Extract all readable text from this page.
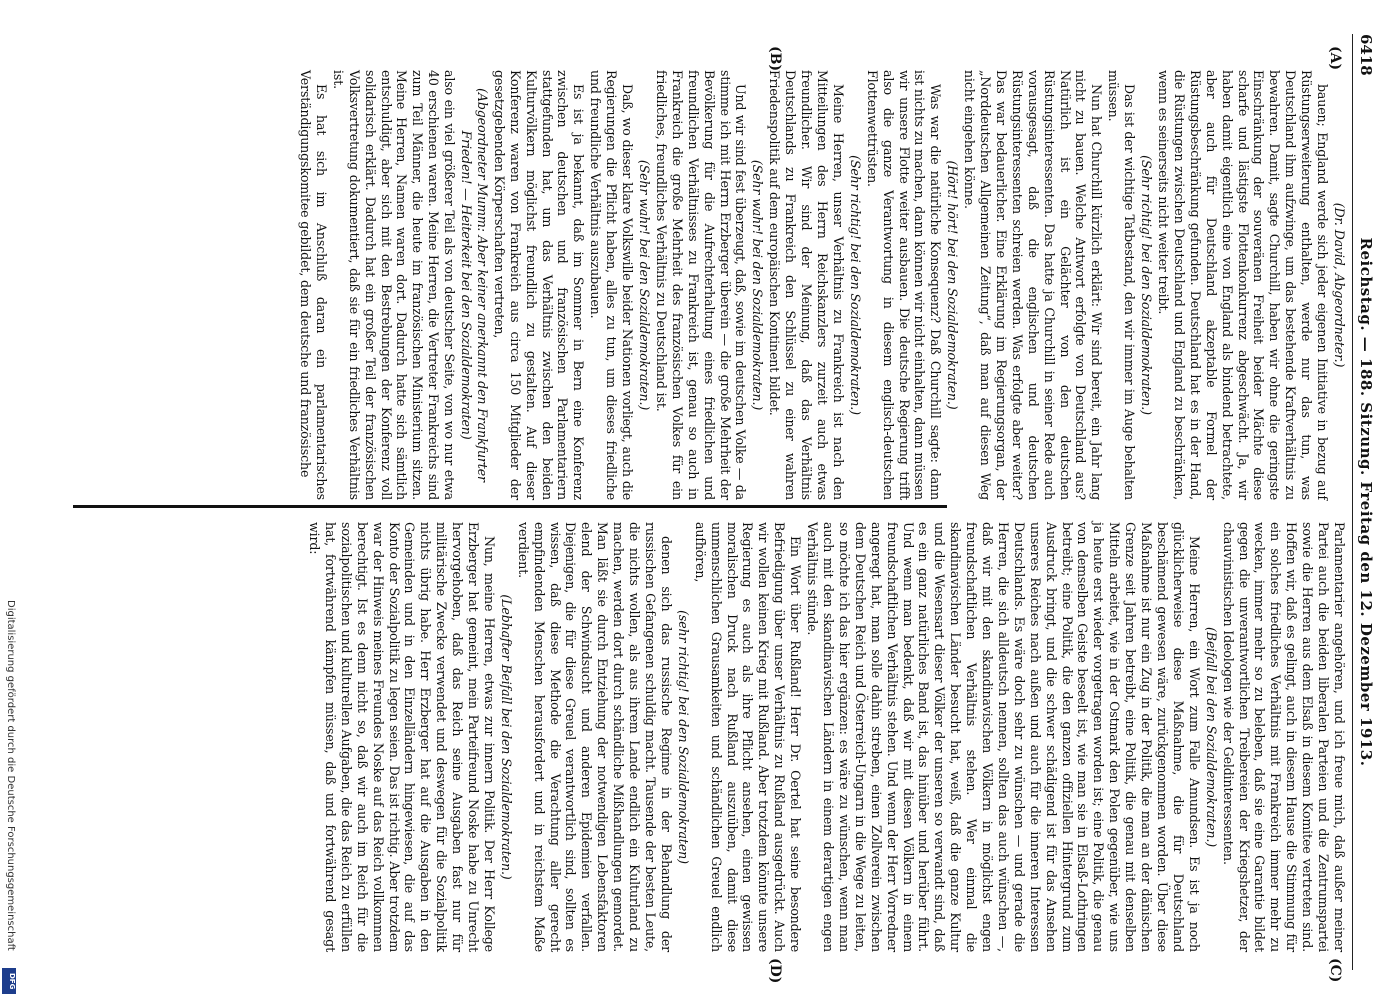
6418
Reichstag. — 188. Sitzung. Freitag den 12. Dezember 1913.
(A)
(B)
(C)
(D)

(Dr. David, Abgeordneter.)

bauen; England werde sich jeder eigenen Initiative in bezug auf Rüstungserweiterung enthalten, werde nur das tun, was Deutschland ihm aufzwinge, um das bestehende Kraftverhältnis zu bewahren. Damit, sagte Churchill, haben wir ohne die geringste Einschränkung der souveränen Freiheit beider Mächte diese scharfe und lästigste Flottenkonkurrenz abgeschwächt. Ja, wir haben damit eigentlich eine von England als bindend betrachtete, aber auch für Deutschland akzeptable Formel der Rüstungsbeschränkung gefunden. Deutschland hat es in der Hand, die Rüstungen zwischen Deutschland und England zu beschränken, wenn es seinerseits nicht weiter treibt.

(Sehr richtig! bei den Sozialdemokraten.)

Das ist der wichtige Tatbestand, den wir immer im Auge behalten müssen.

Nun hat Churchill kürzlich erklärt: Wir sind bereit, ein Jahr lang nicht zu bauen. Welche Antwort erfolgte von Deutschland aus? Natürlich ist ein Gelächter von den deutschen Rüstungsinteressenten. Das hatte ja Churchill in seiner Rede auch vorausgesagt, daß die englischen und deutschen Rüstungsinteressenten schreien werden. Was erfolgte aber weiter? Das war bedauerlicher. Eine Erklärung im Regierungsorgan, der „Norddeutschen Allgemeinen Zeitung“, daß man auf diesen Weg nicht eingehen könne.

(Hört! hört! bei den Sozialdemokraten.)

Was war die natürliche Konsequenz? Daß Churchill sagte: dann ist nichts zu machen, dann können wir nicht einhalten, dann müssen wir unsere Flotte weiter ausbauen. Die deutsche Regierung trifft also die ganze Verantwortung in diesem englisch-deutschen Flottenwettrüsten.

(Sehr richtig! bei den Sozialdemokraten.)

Meine Herren, unser Verhältnis zu Frankreich ist nach den Mitteilungen des Herrn Reichskanzlers zurzeit auch etwas freundlicher. Wir sind der Meinung, daß das Verhältnis Deutschlands zu Frankreich den Schlüssel zu einer wahren Friedenspolitik auf dem europäischen Kontinent bildet.

(Sehr wahr! bei den Sozialdemokraten.)

Und wir sind fest überzeugt, daß, sowie im deutschen Volke — da stimme ich mit Herrn Erzberger überein — die große Mehrheit der Bevölkerung für die Aufrechterhaltung eines friedlichen und freundlichen Verhältnisses zu Frankreich ist, genau so auch in Frankreich die große Mehrheit des französischen Volkes für ein friedliches, freundliches Verhältnis zu Deutschland ist.

(Sehr wahr! bei den Sozialdemokraten.)

Daß, wo dieser klare Volkswille beider Nationen vorliegt, auch die Regierungen die Pflicht haben, alles zu tun, um dieses friedliche und freundliche Verhältnis auszubauen.

Es ist ja bekannt, daß im Sommer in Bern eine Konferenz zwischen deutschen und französischen Parlamentariern stattgefunden hat, um das Verhältnis zwischen den beiden Kulturvölkern möglichst freundlich zu gestalten. Auf dieser Konferenz waren von Frankreich aus circa 150 Mitglieder der gesetzgebenden Körperschaften vertreten,

(Abgeordneter Mumm: Aber keiner anerkannt den Frankfurter Frieden! — Heiterkeit bei den Sozialdemokraten)

also ein viel größerer Teil als von deutscher Seite, von wo nur etwa 40 erschienen waren. Meine Herren, die Vertreter Frankreichs sind zum Teil Männer, die heute im französischen Ministerium sitzen. Meine Herren, Namen waren dort. Dadurch hatte sich sämtlich entschuldigt, aber sich mit den Bestrebungen der Konferenz voll solidarisch erklärt. Dadurch hat ein großer Teil der französischen Volksvertretung dokumentiert, daß sie für ein friedliches Verhältnis ist.

Es hat sich im Anschluß daran ein parlamentarisches Verständigungskomitee gebildet, dem deutsche und französische

Parlamentarier angehören, und ich freue mich, daß außer meiner Partei auch die beiden liberalen Parteien und die Zentrumspartei sowie die Herren aus dem Elsaß in diesem Komitee vertreten sind. Hoffen wir, daß es gelingt, auch in diesem Hause die Stimmung für ein solches friedliches Verhältnis mit Frankreich immer mehr zu wecken, immer mehr so zu beleben, daß sie eine Garantie bildet gegen die unverantwortlichen Treibereien der Kriegshetzer, der chauvinistischen Ideologen wie der Geldinteressenten.

(Beifall bei den Sozialdemokraten.)

Meine Herren, ein Wort zum Falle Amundsen. Es ist ja noch glücklicherweise diese Maßnahme, die für Deutschland beschämend gewesen wäre, zurückgenommen worden. Über diese Maßnahme ist nur ein Zug in der Politik, die man an der dänischen Grenze seit Jahren betreibt, eine Politik, die genau mit denselben Mitteln arbeitet, wie in der Ostmark den Polen gegenüber, wie uns ja heute erst wieder vorgetragen worden ist; eine Politik, die genau von demselben Geiste beseelt ist, wie man sie in Elsaß-Lothringen betreibt; eine Politik, die den ganzen offiziellen Hintergrund zum Ausdruck bringt, und die schwer schädigend ist für das Ansehen unseres Reiches nach außen und auch für die inneren Interessen Deutschlands. Es wäre doch sehr zu wünschen — und gerade die Herren, die sich alldeutsch nennen, sollten das auch wünschen —, daß wir mit den skandinavischen Völkern in möglichst engen freundschaftlichen Verhältnis stehen. Wer einmal die skandinavischen Länder besucht hat, weiß, daß die ganze Kultur und die Wesensart dieser Völker der unseren so verwandt sind, daß es ein ganz natürliches Band ist, das hinüber und herüber führt. Und wenn man bedenkt, daß wir mit diesen Völkern in einem freundschaftlichen Verhältnis stehen. Und wenn der Herr Vorredner angeregt hat, man solle dahin streben, einen Zollverein zwischen dem Deutschen Reich und Österreich-Ungarn in die Wege zu leiten, so möchte ich das hier ergänzen: es wäre zu wünschen, wenn man auch mit den skandinavischen Ländern in einem derartigen engen Verhältnis stünde.

Ein Wort über Rußland! Herr Dr. Oertel hat seine besondere Befriedigung über unser Verhältnis zu Rußland ausgedrückt. Auch wir wollen keinen Krieg mit Rußland. Aber trotzdem könnte unsere Regierung es auch als ihre Pflicht ansehen, einen gewissen moralischen Druck nach Rußland auszuüben, damit diese unmenschlichen Grausamkeiten und schändlichen Greuel endlich aufhören,

(sehr richtig! bei den Sozialdemokraten)

denen sich das russische Regime in der Behandlung der russischen Gefangenen schuldig macht. Tausende der besten Leute, die nichts wollen, als aus ihrem Lande endlich ein Kulturland zu machen, werden dort durch schändliche Mißhandlungen gemordet. Man läßt sie durch Entziehung der notwendigen Lebensfaktoren elend der Schwindsucht und anderen Epidemien verfallen. Diejenigen, die für diese Greuel verantwortlich sind, sollten es wissen, daß diese Methode die Verachtung aller gerecht empfindenden Menschen herausfordert und in reichstem Maße verdient.

(Lebhafter Beifall bei den Sozialdemokraten.)

Nun, meine Herren, etwas zur innern Politik. Der Herr Kollege Erzberger hat gemeint, mein Parteifreund Noske habe zu Unrecht hervorgehoben, daß das Reich seine Ausgaben fast nur für militärische Zwecke verwendet und deswegen für die Sozialpolitik nichts übrig habe. Herr Erzberger hat auf die Ausgaben in den Gemeinden und in den Einzelländern hingewiesen, die auf das Konto der Sozialpolitik zu legen seien. Das ist richtig. Aber trotzdem war der Hinweis meines Freundes Noske auf das Reich vollkommen berechtigt. Ist es denn nicht so, daß wir auch im Reich für die sozialpolitischen und kulturellen Aufgaben, die das Reich zu erfüllen hat, fortwährend kämpfen müssen, daß und fortwährend gesagt wird:

Digitalisierung gefördert durch die Deutsche Forschungsgemeinschaft
DFG
